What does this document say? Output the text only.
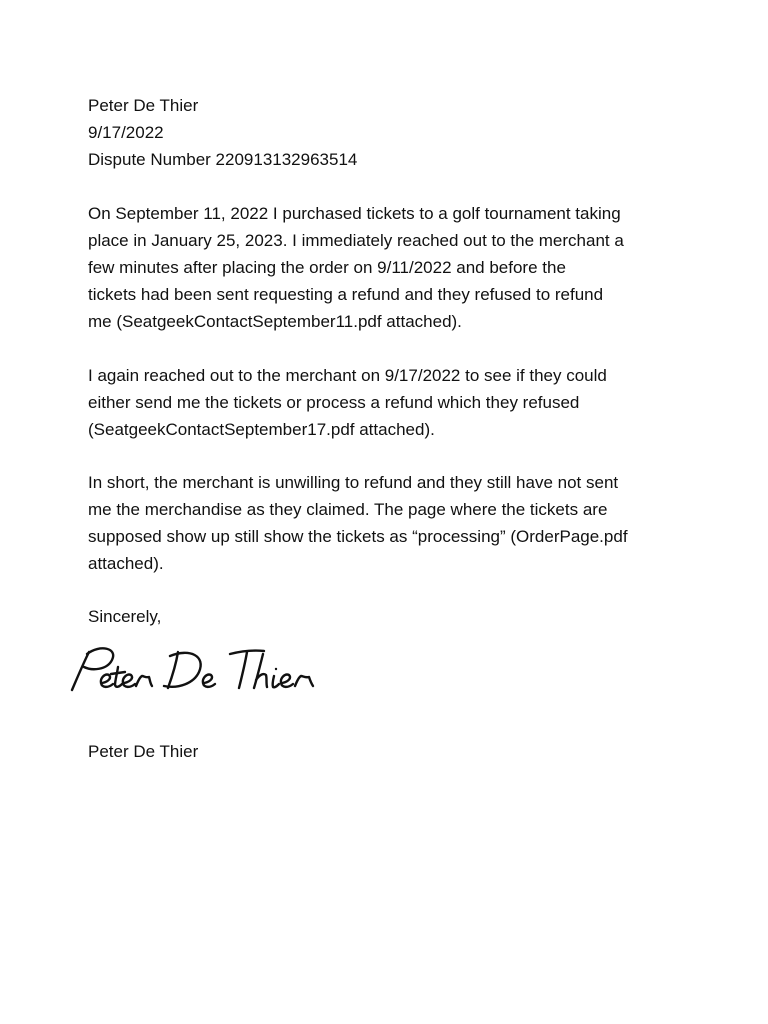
Peter De Thier
9/17/2022
Dispute Number 220913132963514
On September 11, 2022 I purchased tickets to a golf tournament taking
place in January 25, 2023. I immediately reached out to the merchant a
few minutes after placing the order on 9/11/2022 and before the
tickets had been sent requesting a refund and they refused to refund
me (SeatgeekContactSeptember11.pdf attached).
I again reached out to the merchant on 9/17/2022 to see if they could
either send me the tickets or process a refund which they refused
(SeatgeekContactSeptember17.pdf attached).
In short, the merchant is unwilling to refund and they still have not sent
me the merchandise as they claimed. The page where the tickets are
supposed show up still show the tickets as “processing” (OrderPage.pdf
attached).
Sincerely,
Peter De Thier
